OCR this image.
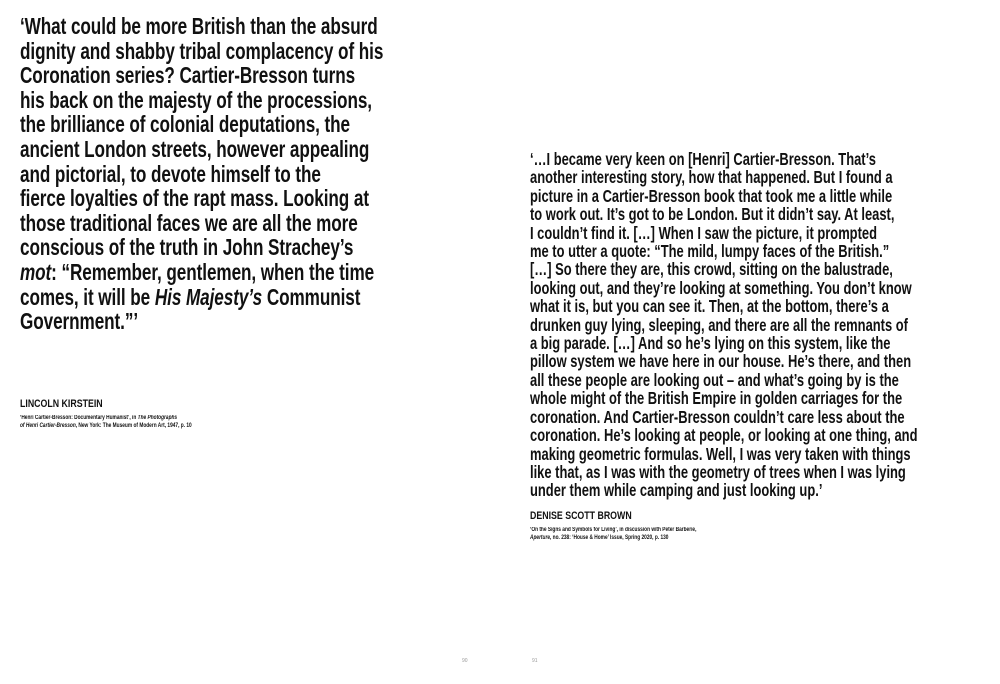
‘What could be more British than the absurd
dignity and shabby tribal complacency of his
Coronation series? Cartier-Bresson turns
his back on the majesty of the processions,
the brilliance of colonial deputations, the
ancient London streets, however appealing
and pictorial, to devote himself to the
fierce loyalties of the rapt mass. Looking at
those traditional faces we are all the more
conscious of the truth in John Strachey’s
mot: “Remember, gentlemen, when the time
comes, it will be His Majesty’s Communist
Government.”’
LINCOLN KIRSTEIN
‘Henri Cartier-Bresson: Documentary Humanist’, in The Photographs
of Henri Cartier-Bresson, New York: The Museum of Modern Art, 1947, p. 10
‘…I became very keen on [Henri] Cartier-Bresson. That’s
another interesting story, how that happened. But I found a
picture in a Cartier-Bresson book that took me a little while
to work out. It’s got to be London. But it didn’t say. At least,
I couldn’t find it. […] When I saw the picture, it prompted
me to utter a quote: “The mild, lumpy faces of the British.”
[…] So there they are, this crowd, sitting on the balustrade,
looking out, and they’re looking at something. You don’t know
what it is, but you can see it. Then, at the bottom, there’s a
drunken guy lying, sleeping, and there are all the remnants of
a big parade. […] And so he’s lying on this system, like the
pillow system we have here in our house. He’s there, and then
all these people are looking out – and what’s going by is the
whole might of the British Empire in golden carriages for the
coronation. And Cartier-Bresson couldn’t care less about the
coronation. He’s looking at people, or looking at one thing, and
making geometric formulas. Well, I was very taken with things
like that, as I was with the geometry of trees when I was lying
under them while camping and just looking up.’
DENISE SCOTT BROWN
‘On the Signs and Symbols for Living’, in discussion with Peter Barberie,
Aperture, no. 238: ‘House & Home’ Issue, Spring 2020, p. 130
90	91
